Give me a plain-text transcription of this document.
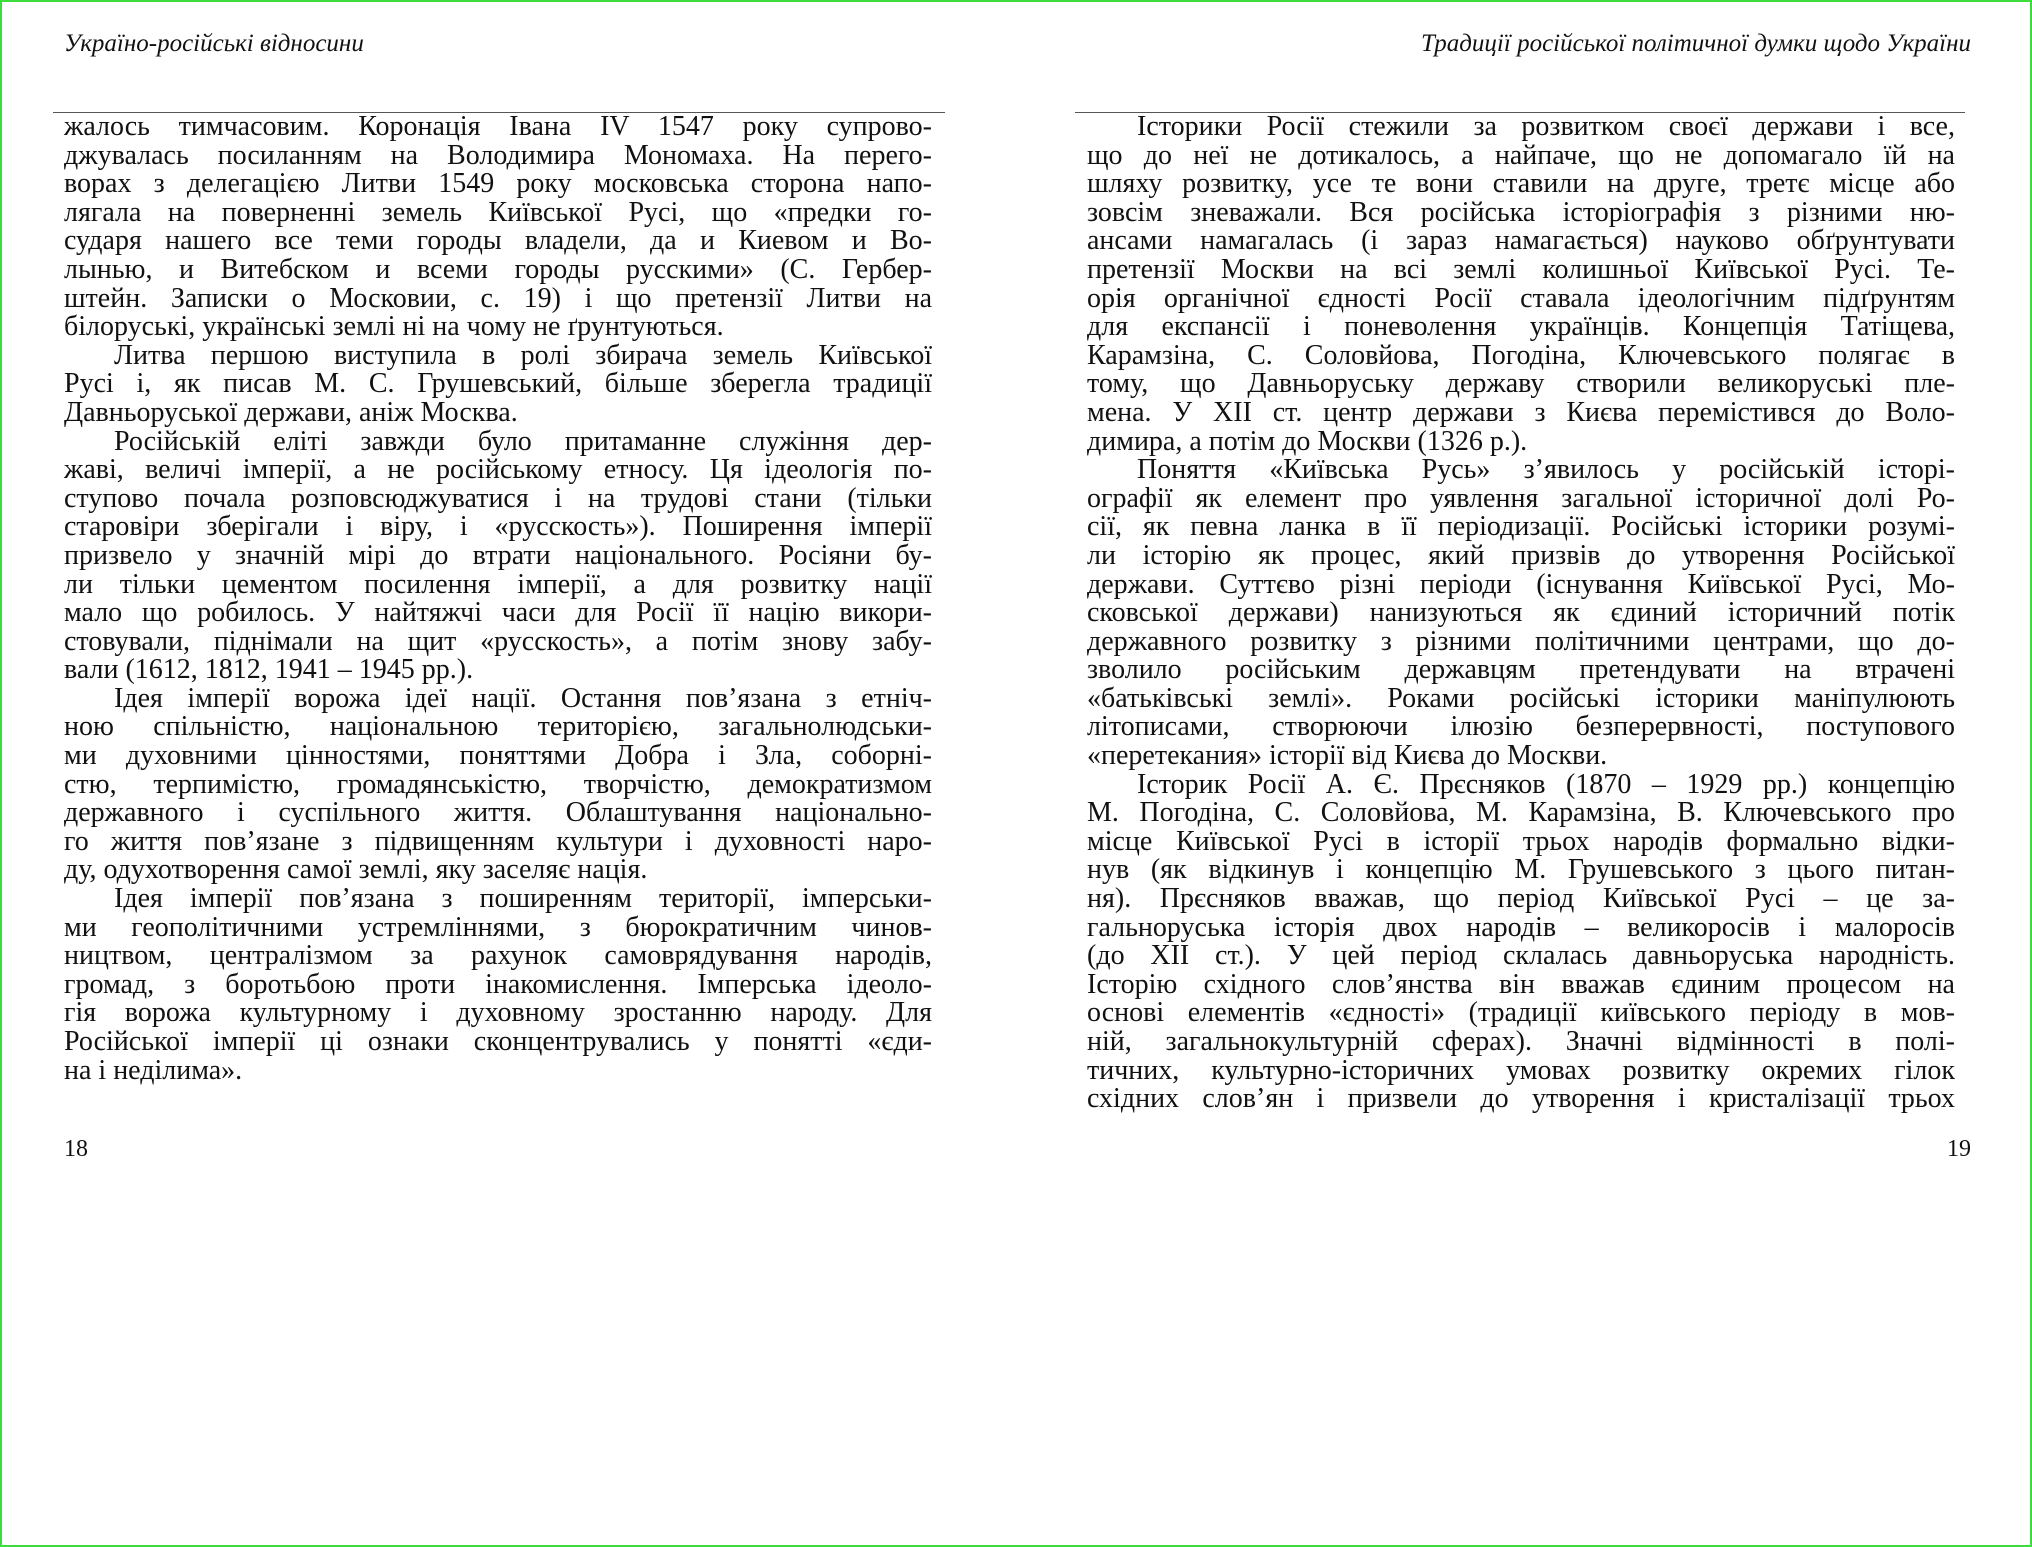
Україно-російські відносини
жалось тимчасовим. Коронація Івана IV 1547 року супрово-
джувалась посиланням на Володимира Мономаха. На перего-
ворах з делегацією Литви 1549 року московська сторона напо-
лягала на поверненні земель Київської Русі, що «предки го-
сударя нашего все теми городы владели, да и Киевом и Во-
лынью, и Витебском и всеми городы русскими» (С. Гербер-
штейн. Записки о Московии, с. 19) і що претензії Литви на
білоруські, українські землі ні на чому не ґрунтуються.
Литва першою виступила в ролі збирача земель Київської
Русі і, як писав М. С. Грушевський, більше зберегла традиції
Давньоруської держави, аніж Москва.
Російській еліті завжди було притаманне служіння дер-
жаві, величі імперії, а не російському етносу. Ця ідеологія по-
ступово почала розповсюджуватися і на трудові стани (тільки
старовіри зберігали і віру, і «русскость»). Поширення імперії
призвело у значній мірі до втрати національного. Росіяни бу-
ли тільки цементом посилення імперії, а для розвитку нації
мало що робилось. У найтяжчі часи для Росії її націю викори-
стовували, піднімали на щит «русскость», а потім знову забу-
вали (1612, 1812, 1941 – 1945 рр.).
Ідея імперії ворожа ідеї нації. Остання пов’язана з етніч-
ною спільністю, національною територією, загальнолюдськи-
ми духовними цінностями, поняттями Добра і Зла, соборні-
стю, терпимістю, громадянськістю, творчістю, демократизмом
державного і суспільного життя. Облаштування національно-
го життя пов’язане з підвищенням культури і духовності наро-
ду, одухотворення самої землі, яку заселяє нація.
Ідея імперії пов’язана з поширенням території, імперськи-
ми геополітичними устремліннями, з бюрократичним чинов-
ництвом, централізмом за рахунок самоврядування народів,
громад, з боротьбою проти інакомислення. Імперська ідеоло-
гія ворожа культурному і духовному зростанню народу. Для
Російської імперії ці ознаки сконцентрувались у понятті «єди-
на і неділима».
18
Традиції російської політичної думки щодо України
Історики Росії стежили за розвитком своєї держави і все,
що до неї не дотикалось, а найпаче, що не допомагало їй на
шляху розвитку, усе те вони ставили на друге, третє місце або
зовсім зневажали. Вся російська історіографія з різними ню-
ансами намагалась (і зараз намагається) науково обґрунтувати
претензії Москви на всі землі колишньої Київської Русі. Те-
орія органічної єдності Росії ставала ідеологічним підґрунтям
для експансії і поневолення українців. Концепція Татіщева,
Карамзіна, С. Соловйова, Погодіна, Ключевського полягає в
тому, що Давньоруську державу створили великоруські пле-
мена. У XII ст. центр держави з Києва перемістився до Воло-
димира, а потім до Москви (1326 р.).
Поняття «Київська Русь» з’явилось у російській історі-
ографії як елемент про уявлення загальної історичної долі Ро-
сії, як певна ланка в її періодизації. Російські історики розумі-
ли історію як процес, який призвів до утворення Російської
держави. Суттєво різні періоди (існування Київської Русі, Мо-
сковської держави) нанизуються як єдиний історичний потік
державного розвитку з різними політичними центрами, що до-
зволило російським державцям претендувати на втрачені
«батьківські землі». Роками російські історики маніпулюють
літописами, створюючи ілюзію безперервності, поступового
«перетекания» історії від Києва до Москви.
Історик Росії А. Є. Прєсняков (1870 – 1929 рр.) концепцію
М. Погодіна, С. Соловйова, М. Карамзіна, В. Ключевського про
місце Київської Русі в історії трьох народів формально відки-
нув (як відкинув і концепцію М. Грушевського з цього питан-
ня). Прєсняков вважав, що період Київської Русі – це за-
гальноруська історія двох народів – великоросів і малоросів
(до XII ст.). У цей період склалась давньоруська народність.
Історію східного слов’янства він вважав єдиним процесом на
основі елементів «єдності» (традиції київського періоду в мов-
ній, загальнокультурній сферах). Значні відмінності в полі-
тичних, культурно-історичних умовах розвитку окремих гілок
східних слов’ян і призвели до утворення і кристалізації трьох
19
